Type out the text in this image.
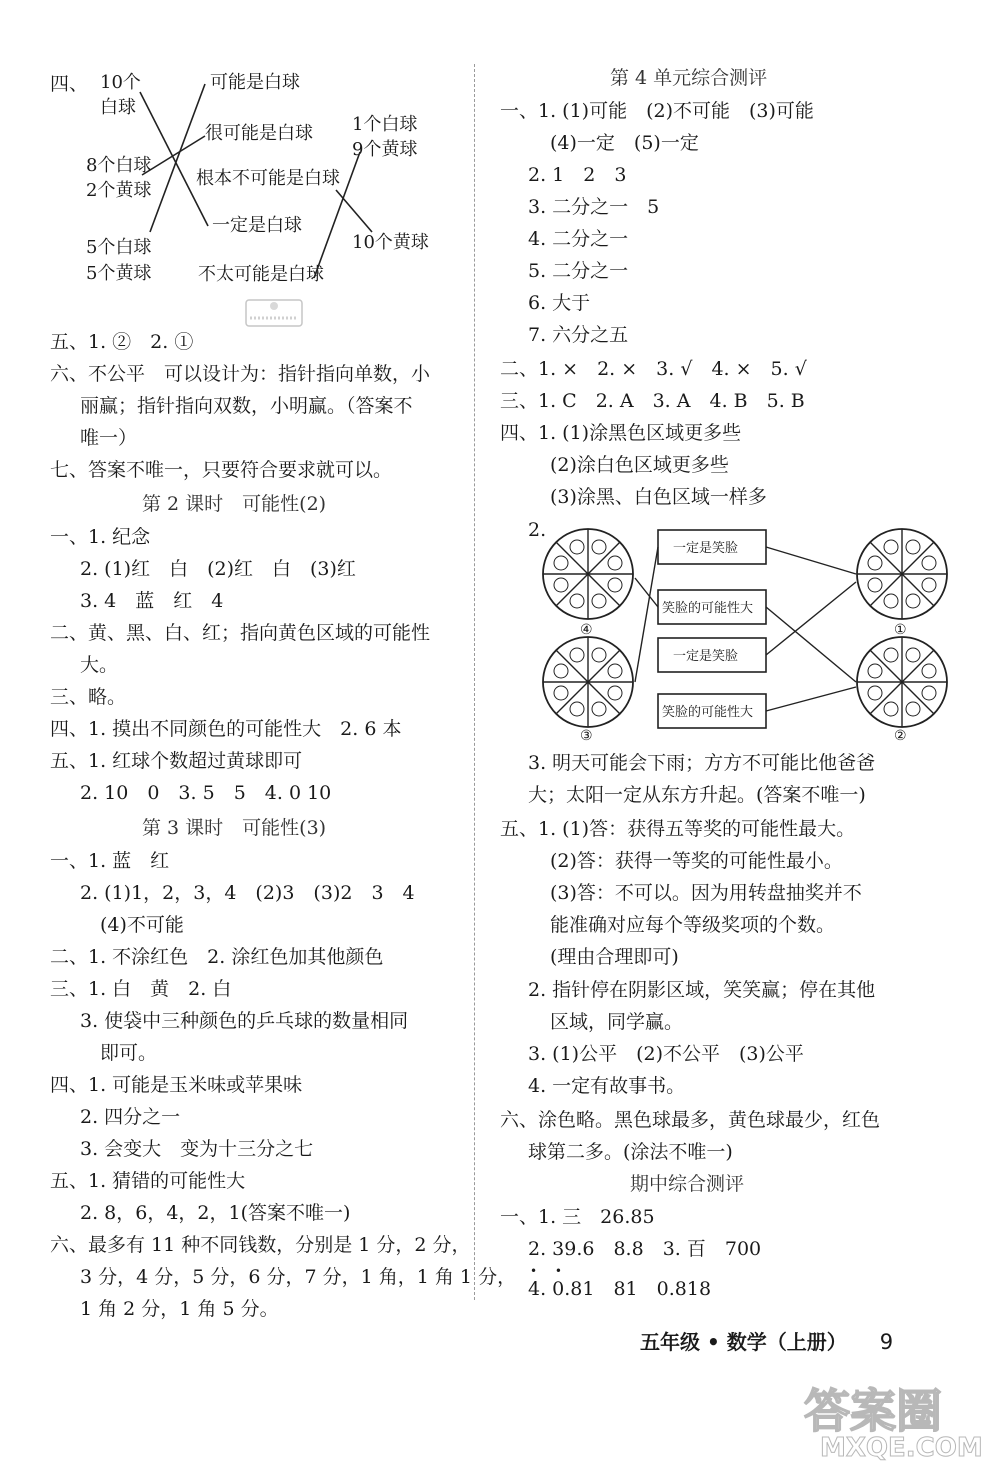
四、 10个
白球
8个白球
2个黄球
5个白球
5个黄球
可能是白球
很可能是白球
根本不可能是白球
一定是白球
不太可能是白球
1个白球
9个黄球
10个黄球
五、1. ②　2. ①
六、不公平　可以设计为：指针指向单数，小
丽赢；指针指向双数，小明赢。（答案不
唯一）
七、答案不唯一，只要符合要求就可以。
第 2 课时　可能性(2)
一、1. 纪念
2. (1)红　白　(2)红　白　(3)红
3. 4　蓝　红　4
二、黄、黑、白、红；指向黄色区域的可能性
大。
三、略。
四、1. 摸出不同颜色的可能性大　2. 6 本
五、1. 红球个数超过黄球即可
2. 10　0　3. 5　5　4. 0 10
第 3 课时　可能性(3)
一、1. 蓝　红
2. (1)1，2，3，4　(2)3　(3)2　3　4
(4)不可能
二、1. 不涂红色　2. 涂红色加其他颜色
三、1. 白　黄　2. 白
3. 使袋中三种颜色的乒乓球的数量相同
即可。
四、1. 可能是玉米味或苹果味
2. 四分之一
3. 会变大　变为十三分之七
五、1. 猜错的可能性大
2. 8，6，4，2，1(答案不唯一)
六、最多有 11 种不同钱数，分别是 1 分，2 分，
3 分，4 分，5 分，6 分，7 分，1 角，1 角 1 分，
1 角 2 分，1 角 5 分。
第 4 单元综合测评
一、1. (1)可能　(2)不可能　(3)可能
(4)一定　(5)一定
2. 1　2　3
3. 二分之一　5
4. 二分之一
5. 二分之一
6. 大于
7. 六分之五
二、1. ×　2. ×　3. √　4. ×　5. √
三、1. C　2. A　3. A　4. B　5. B
四、1. (1)涂黑色区域更多些
(2)涂白色区域更多些
(3)涂黑、白色区域一样多
2.
一定是笑脸
笑脸的可能性大
一定是笑脸
笑脸的可能性大
④
③
①
②
3. 明天可能会下雨；方方不可能比他爸爸
大；太阳一定从东方升起。(答案不唯一)
五、1. (1)答：获得五等奖的可能性最大。
(2)答：获得一等奖的可能性最小。
(3)答：不可以。因为用转盘抽奖并不
能准确对应每个等级奖项的个数。
(理由合理即可)
2. 指针停在阴影区域，笑笑赢；停在其他
区域，同学赢。
3. (1)公平　(2)不公平　(3)公平
4. 一定有故事书。
六、涂色略。黑色球最多，黄色球最少，红色
球第二多。(涂法不唯一)
期中综合测评
一、1. 三　26.85
2. 39.6　8.8　3. 百　700
4. 0.81　81　0.818
• •
五年级 • 数学（上册） 9
答案圈
MXQE.COM
